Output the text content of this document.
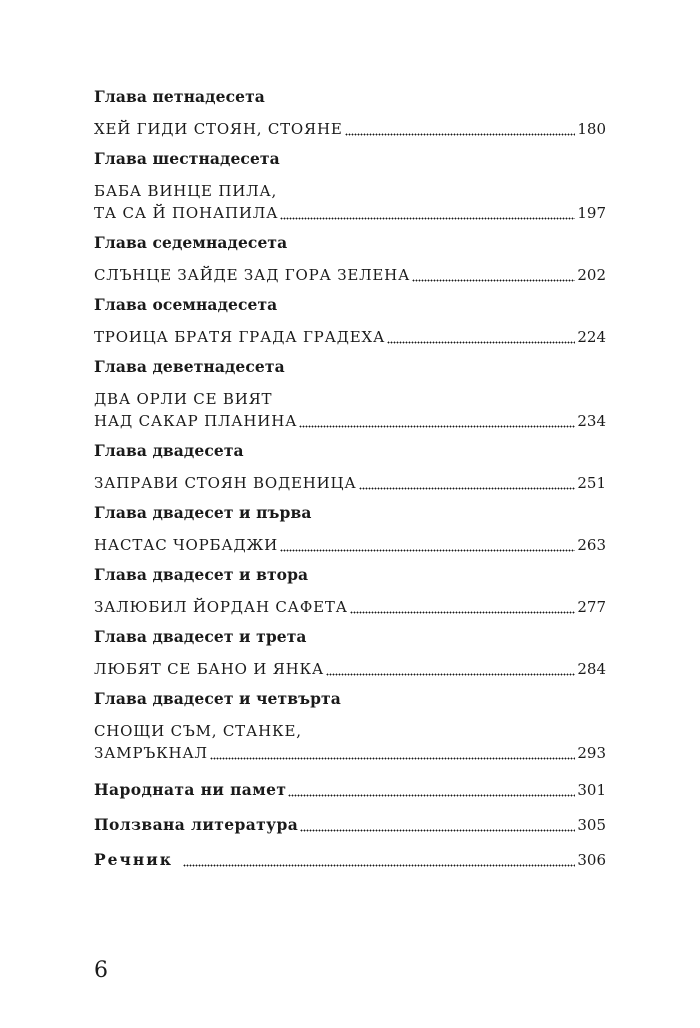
Глава петнадесета
ХЕЙ ГИДИ СТОЯН, СТОЯНЕ	180
Глава шестнадесета
БАБА ВИНЦЕ ПИЛА,
ТА СА Й ПОНАПИЛА	197
Глава седемнадесета
СЛЪНЦЕ ЗАЙДЕ ЗАД ГОРА ЗЕЛЕНА	202
Глава осемнадесета
ТРОИЦА БРАТЯ ГРАДА ГРАДЕХА	224
Глава деветнадесета
ДВА ОРЛИ СЕ ВИЯТ
НАД САКАР ПЛАНИНА	234
Глава двадесета
ЗАПРАВИ СТОЯН ВОДЕНИЦА	251
Глава двадесет и първа
НАСТАС ЧОРБАДЖИ	263
Глава двадесет и втора
ЗАЛЮБИЛ ЙОРДАН САФЕТА	277
Глава двадесет и трета
ЛЮБЯТ СЕ БАНО И ЯНКА	284
Глава двадесет и четвърта
СНОЩИ СЪМ, СТАНКЕ,
ЗАМРЪКНАЛ	293
Народната ни памет	301
Ползвана литература	305
Речник	306
6
